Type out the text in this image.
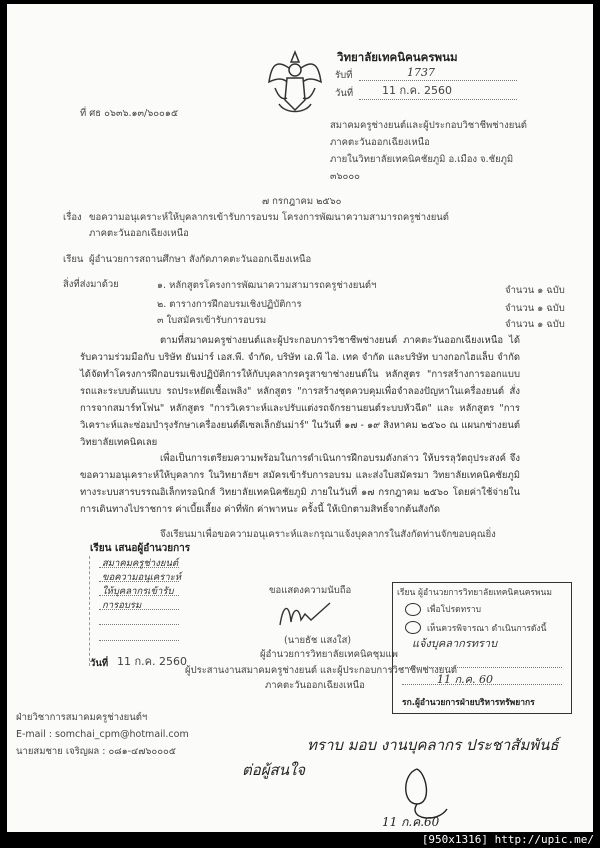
วิทยาลัยเทคนิคนครพนม
รับที่	1737
วันที่	11 ก.ค. 2560
ที่ ศธ ๐๖๓๖.๑๓/๖๐๐๑๕
สมาคมครูช่างยนต์และผู้ประกอบวิชาชีพช่างยนต์
ภาคตะวันออกเฉียงเหนือ
ภายในวิทยาลัยเทคนิคชัยภูมิ อ.เมือง จ.ชัยภูมิ
๓๖๐๐๐
๗ กรกฎาคม ๒๕๖๐
เรื่อง ขอความอนุเคราะห์ให้บุคลากรเข้ารับการอบรม โครงการพัฒนาความสามารถครูช่างยนต์
ภาคตะวันออกเฉียงเหนือ
เรียน ผู้อำนวยการสถานศึกษา สังกัดภาคตะวันออกเฉียงเหนือ
สิ่งที่ส่งมาด้วย	๑. หลักสูตรโครงการพัฒนาความสามารถครูช่างยนต์ฯ	จำนวน ๑ ฉบับ
๒. ตารางการฝึกอบรมเชิงปฏิบัติการ	จำนวน ๑ ฉบับ
๓ ใบสมัครเข้ารับการอบรม	จำนวน ๑ ฉบับ
ตามที่สมาคมครูช่างยนต์และผู้ประกอบการวิชาชีพช่างยนต์ ภาคตะวันออกเฉียงเหนือ ได้รับความร่วมมือกับ บริษัท ยันม่าร์ เอส.พี. จำกัด, บริษัท เอ.พี ไอ. เทค จำกัด และบริษัท บางกอกไฮแล็บ จำกัด ได้จัดทำโครงการฝึกอบรมเชิงปฏิบัติการให้กับบุคลากรครูสาขาช่างยนต์ใน หลักสูตร "การสร้างการออกแบบรถและระบบต้นแบบ รถประหยัดเชื้อเพลิง" หลักสูตร "การสร้างชุดควบคุมเพื่อจำลองปัญหาในเครื่องยนต์ สั่งการจากสมาร์ทโฟน" หลักสูตร "การวิเคราะห์และปรับแต่งรถจักรยานยนต์ระบบหัวฉีด" และ หลักสูตร "การวิเคราะห์และซ่อมบำรุงรักษาเครื่องยนต์ดีเซลเล็กยันม่าร์" ในวันที่ ๑๗ - ๑๙ สิงหาคม ๒๕๖๐ ณ แผนกช่างยนต์ วิทยาลัยเทคนิคเลย
เพื่อเป็นการเตรียมความพร้อมในการดำเนินการฝึกอบรมดังกล่าว ให้บรรลุวัตถุประสงค์ จึงขอความอนุเคราะห์ให้บุคลากร ในวิทยาลัยฯ สมัครเข้ารับการอบรม และส่งใบสมัครมา วิทยาลัยเทคนิคชัยภูมิ ทางระบบสารบรรณอิเล็กทรอนิกส์ วิทยาลัยเทคนิคชัยภูมิ ภายในวันที่ ๑๗ กรกฎาคม ๒๕๖๐ โดยค่าใช้จ่ายในการเดินทางไปราชการ ค่าเบี้ยเลี้ยง ค่าที่พัก ค่าพาหนะ ครั้งนี้ ให้เบิกตามสิทธิ์จากต้นสังกัด
จึงเรียนมาเพื่อขอความอนุเคราะห์และกรุณาแจ้งบุคลากรในสังกัดท่านจักขอบคุณยิ่ง
เรียน เสนอผู้อำนวยการ
สมาคมครูช่างยนต์
ขอความอนุเคราะห์
ให้บุคลากรเข้ารับ
การอบรม
วันที่ 11 ก.ค. 2560
ขอแสดงความนับถือ
(นายธัช แสงใส)
ผู้อำนวยการวิทยาลัยเทคนิคชุมแพ
ผู้ประสานงานสมาคมครูช่างยนต์ และผู้ประกอบการวิชาชีพช่างยนต์
ภาคตะวันออกเฉียงเหนือ
เรียน ผู้อำนวยการวิทยาลัยเทคนิคนครพนม
เพื่อโปรดทราบ
เห็นควรพิจารณา ดำเนินการดังนี้
แจ้งบุคลากรทราบ
11 ก.ค. 60
รก.ผู้อำนวยการฝ่ายบริหารทรัพยากร
ฝ่ายวิชาการสมาคมครูช่างยนต์ฯ
E-mail : somchai_cpm@hotmail.com
นายสมชาย เจริญผล : ๐๘๑-๔๗๖๐๐๐๕	ทราบ มอบ งานบุคลากร ประชาสัมพันธ์
ต่อผู้สนใจ
11 ก.ค.60
[950x1316] http://upic.me/
